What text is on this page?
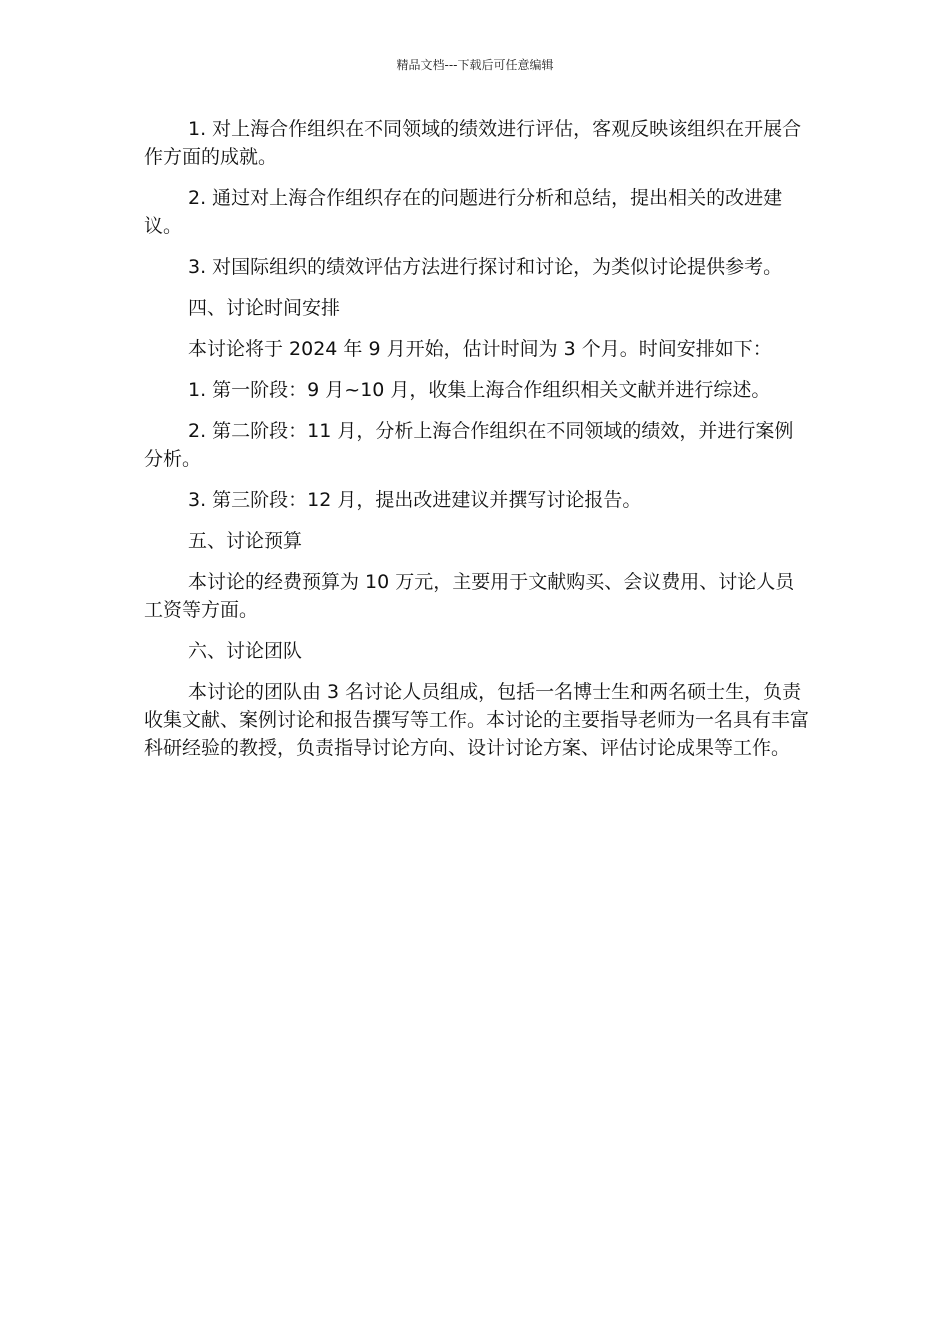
精品文档---下载后可任意编辑

1. 对上海合作组织在不同领域的绩效进行评估，客观反映该组织在开展合作方面的成就。

2. 通过对上海合作组织存在的问题进行分析和总结，提出相关的改进建议。

3. 对国际组织的绩效评估方法进行探讨和讨论，为类似讨论提供参考。

四、讨论时间安排

本讨论将于 2024 年 9 月开始，估计时间为 3 个月。时间安排如下：

1. 第一阶段：9 月~10 月，收集上海合作组织相关文献并进行综述。

2. 第二阶段：11 月，分析上海合作组织在不同领域的绩效，并进行案例分析。

3. 第三阶段：12 月，提出改进建议并撰写讨论报告。

五、讨论预算

本讨论的经费预算为 10 万元，主要用于文献购买、会议费用、讨论人员工资等方面。

六、讨论团队

本讨论的团队由 3 名讨论人员组成，包括一名博士生和两名硕士生，负责收集文献、案例讨论和报告撰写等工作。本讨论的主要指导老师为一名具有丰富科研经验的教授，负责指导讨论方向、设计讨论方案、评估讨论成果等工作。
